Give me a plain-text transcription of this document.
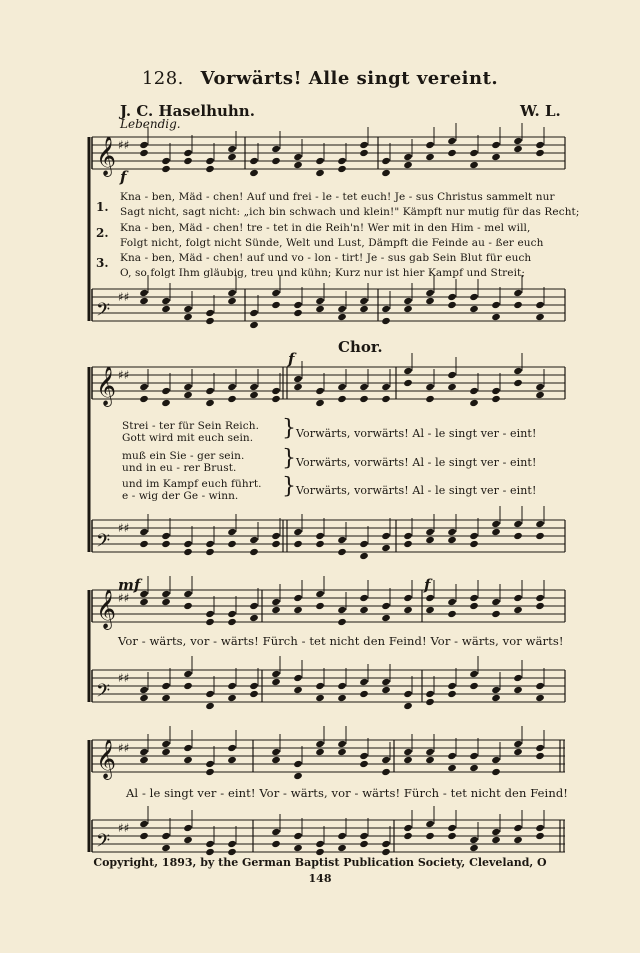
128. Vorwärts! Alle singt vereint.
J. C. Haselhuhn.	W. L.
Lebendig.
𝄞 ♯♯
𝄢
♯♯
𝄞 ♯♯
𝄢
♯♯
𝄞 ♯♯
𝄢
♯♯
𝄞 ♯♯
𝄢
♯♯
f
1.
2.
3.
Kna - ben, Mäd - chen! Auf und frei - le - tet euch! Je - sus Christus sammelt nur
Sagt nicht, sagt nicht: „ich bin schwach und klein!" Kämpft nur mutig für das Recht;
Kna - ben, Mäd - chen! tre - tet in die Reih'n! Wer mit in den Him - mel will,
Folgt nicht, folgt nicht Sünde, Welt und Lust, Dämpft die Feinde au - ßer euch
Kna - ben, Mäd - chen! auf und vo - lon - tirt! Je - sus gab Sein Blut für euch
O, so folgt Ihm gläubig, treu und kühn; Kurz nur ist hier Kampf und Streit;
Chor.
f
Strei - ter für Sein Reich.
Gott wird mit euch sein.
muß ein Sie - ger sein.
und in eu - rer Brust.
und im Kampf euch führt.
e - wig der Ge - winn.
}
}
}
Vorwärts, vorwärts! Al - le singt ver - eint!
Vorwärts, vorwärts! Al - le singt ver - eint!
Vorwärts, vorwärts! Al - le singt ver - eint!
mf	f
Vor - wärts, vor - wärts! Fürch - tet nicht den Feind! Vor - wärts, vor wärts!
Al - le singt ver - eint! Vor - wärts, vor - wärts! Fürch - tet nicht den Feind!
Copyright, 1893, by the German Baptist Publication Society, Cleveland, O
148
